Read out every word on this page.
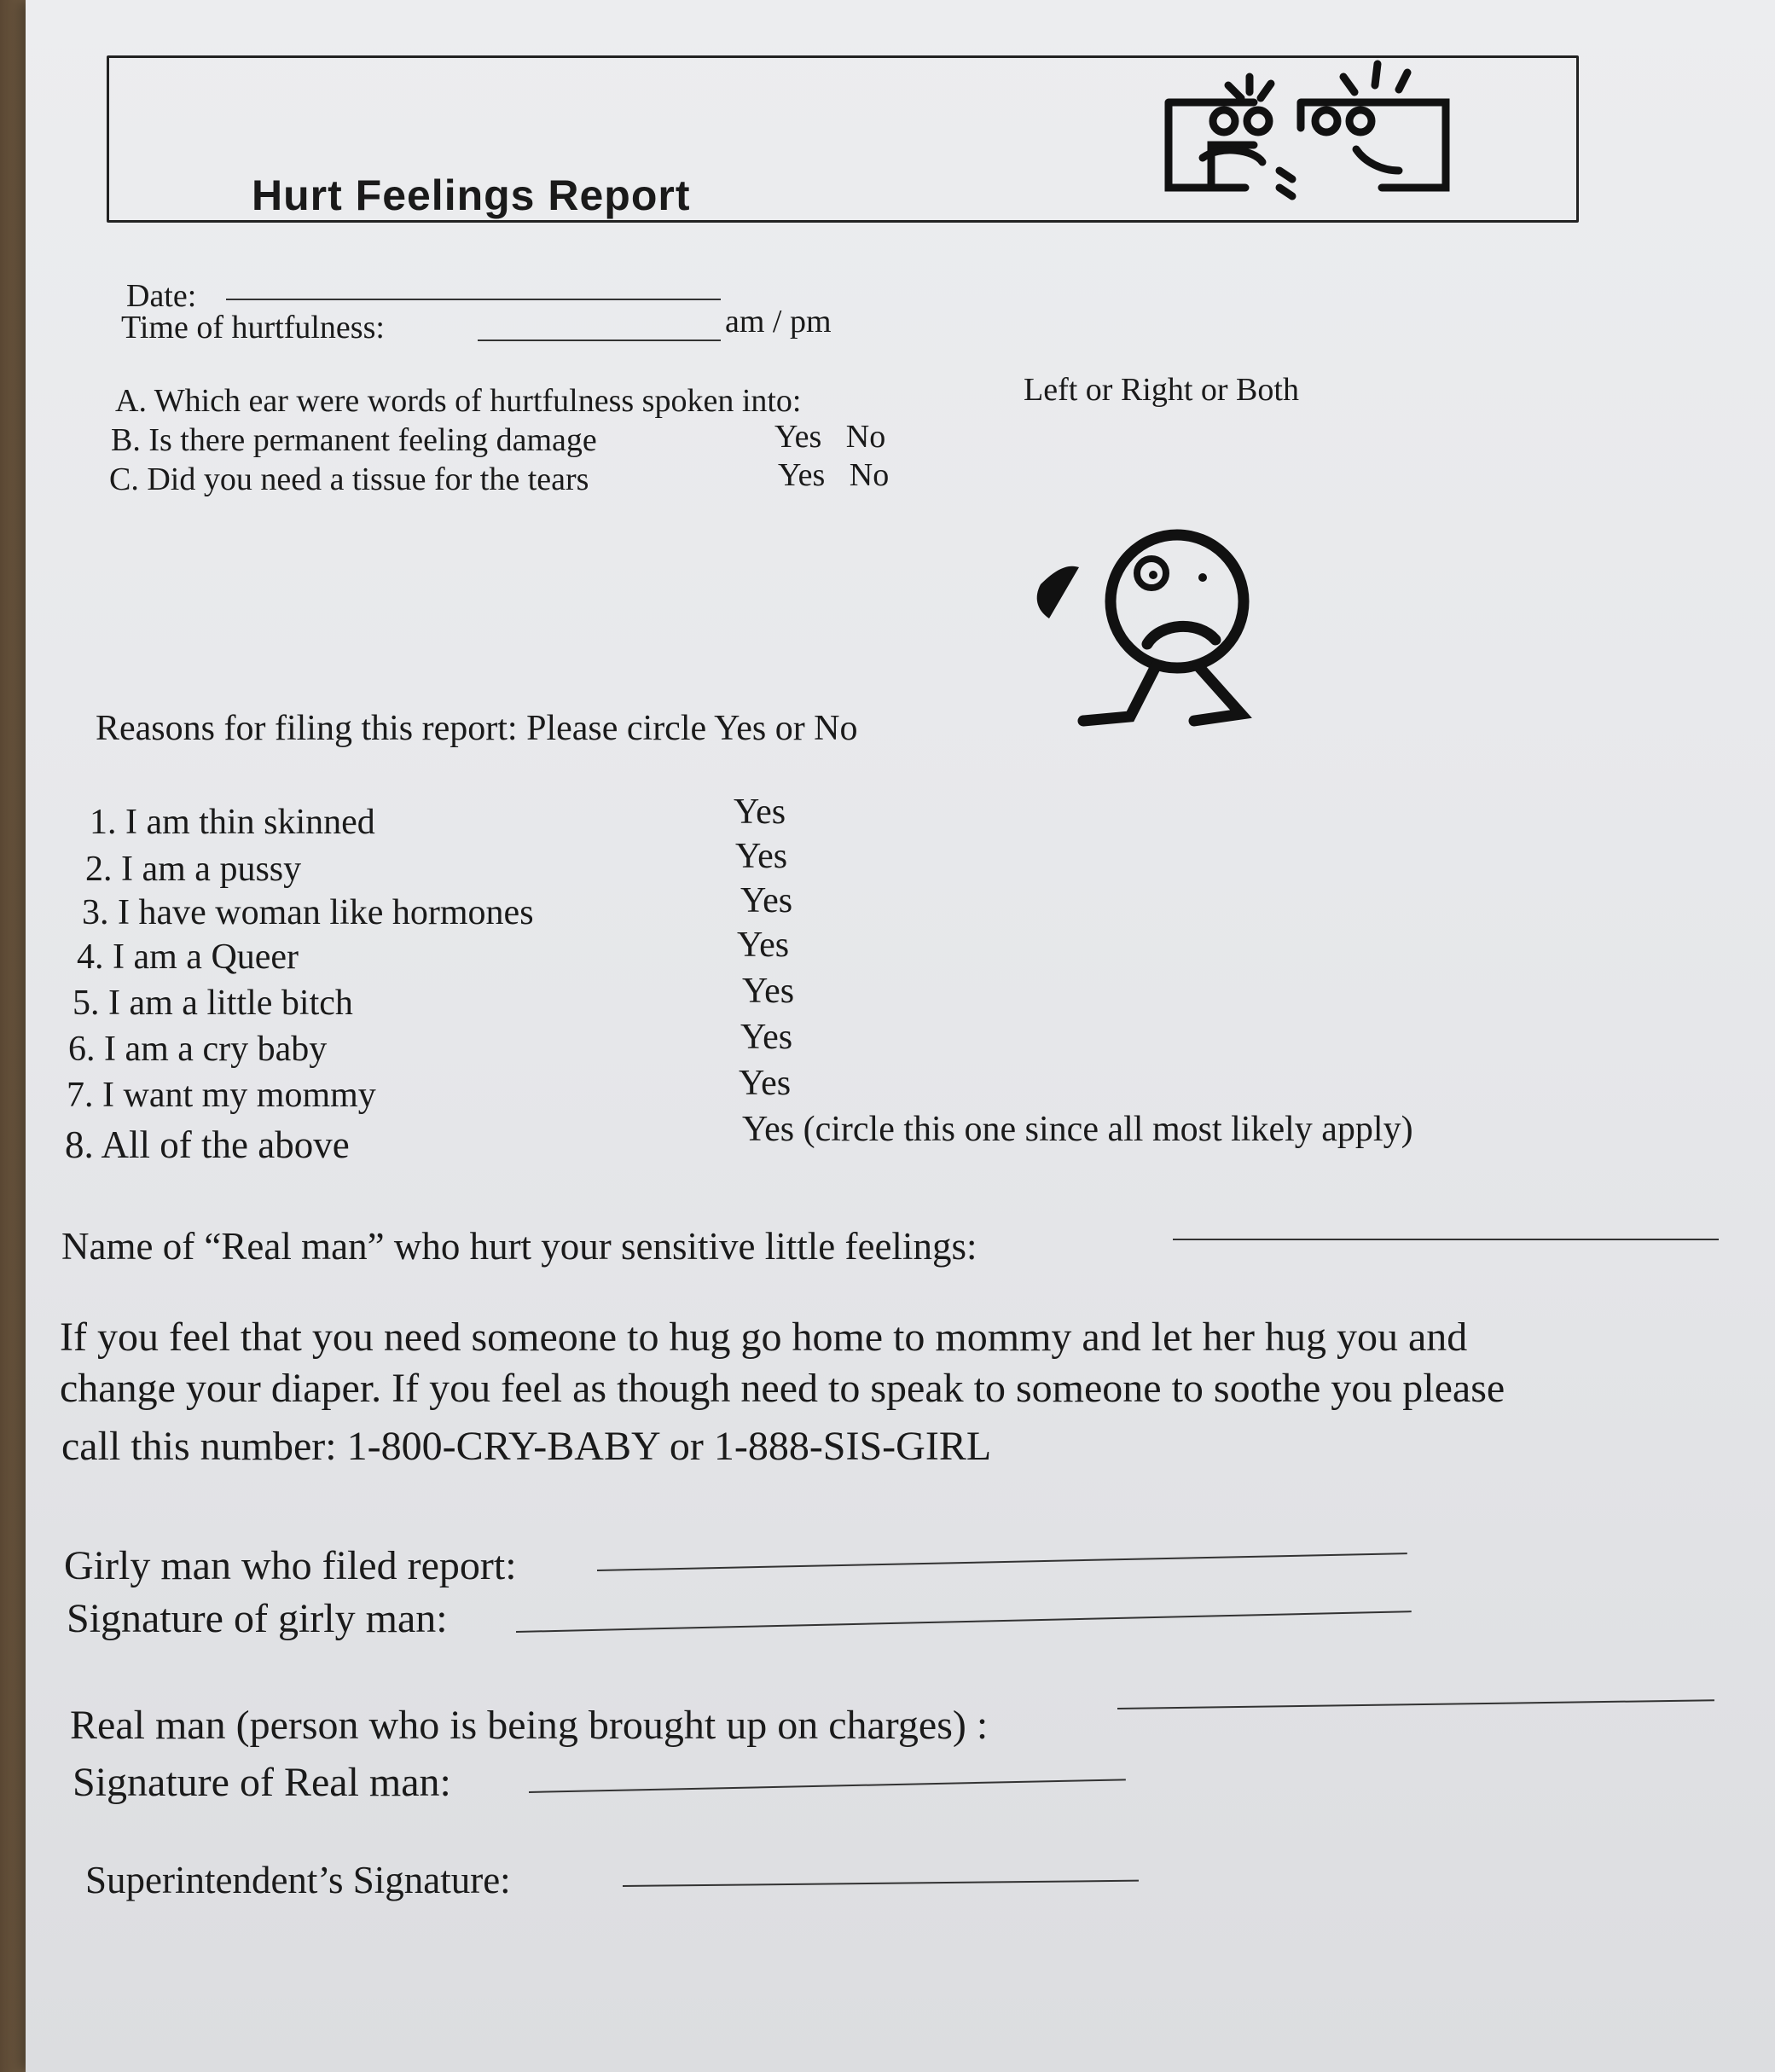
Hurt Feelings Report
Date:
Time of hurtfulness:	am / pm
A. Which ear were words of hurtfulness spoken into:	Left or Right or Both
B. Is there permanent feeling damage	Yes   No
C. Did you need a tissue for the tears	Yes   No
Reasons for filing this report: Please circle Yes or No
1. I am thin skinned	Yes
2. I am a pussy	Yes
3. I have woman like hormones	Yes
4. I am a Queer	Yes
5. I am a little bitch	Yes
6. I am a cry baby	Yes
7. I want my mommy	Yes
8. All of the above	Yes (circle this one since all most likely apply)
Name of “Real man” who hurt your sensitive little feelings:
If you feel that you need someone to hug go home to mommy and let her hug you and
change your diaper. If you feel as though need to speak to someone to soothe you please
call this number: 1-800-CRY-BABY or 1-888-SIS-GIRL
Girly man who filed report:
Signature of girly man:
Real man (person who is being brought up on charges) :
Signature of Real man:
Superintendent’s Signature:
